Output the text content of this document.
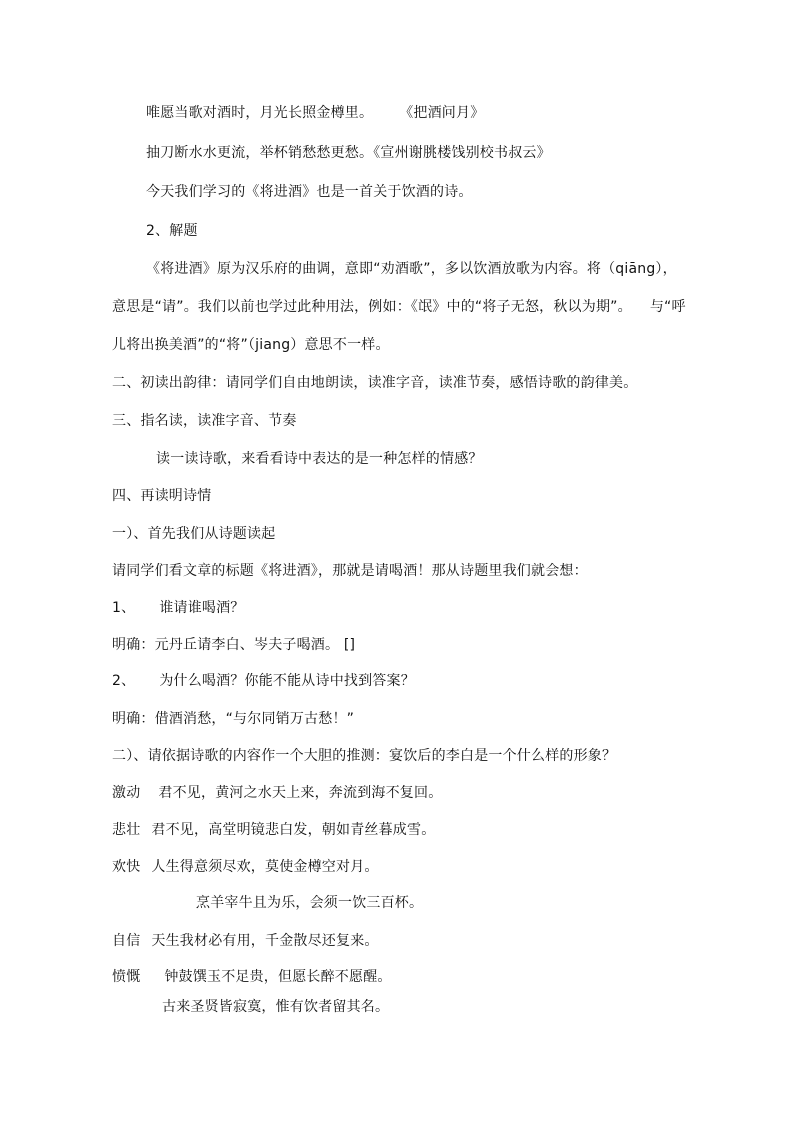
唯愿当歌对酒时，月光长照金樽里。 《把酒问月》
抽刀断水水更流，举杯销愁愁更愁。《宣州谢朓楼饯别校书叔云》
今天我们学习的《将进酒》也是一首关于饮酒的诗。
2、解题
《将进酒》原为汉乐府的曲调，意即“劝酒歌”，多以饮酒放歌为内容。将（qiāng），
意思是“请”。我们以前也学过此种用法，例如：《氓》中的“将子无怒，秋以为期”。 与“呼
儿将出换美酒”的“将”（jiang）意思不一样。
二、初读出韵律：请同学们自由地朗读，读准字音，读准节奏，感悟诗歌的韵律美。
三、指名读，读准字音、节奏
读一读诗歌，来看看诗中表达的是一种怎样的情感？
四、再读明诗情
一）、首先我们从诗题读起
请同学们看文章的标题《将进酒》，那就是请喝酒！那从诗题里我们就会想：
1、 谁请谁喝酒？
明确：元丹丘请李白、岑夫子喝酒。 []
2、 为什么喝酒？你能不能从诗中找到答案？
明确：借酒消愁，“与尔同销万古愁！”
二）、请依据诗歌的内容作一个大胆的推测：宴饮后的李白是一个什么样的形象？
激动 君不见，黄河之水天上来，奔流到海不复回。
悲壮 君不见，高堂明镜悲白发，朝如青丝暮成雪。
欢快 人生得意须尽欢，莫使金樽空对月。
烹羊宰牛且为乐，会须一饮三百杯。
自信 天生我材必有用，千金散尽还复来。
愤慨 钟鼓馔玉不足贵，但愿长醉不愿醒。
古来圣贤皆寂寞，惟有饮者留其名。
